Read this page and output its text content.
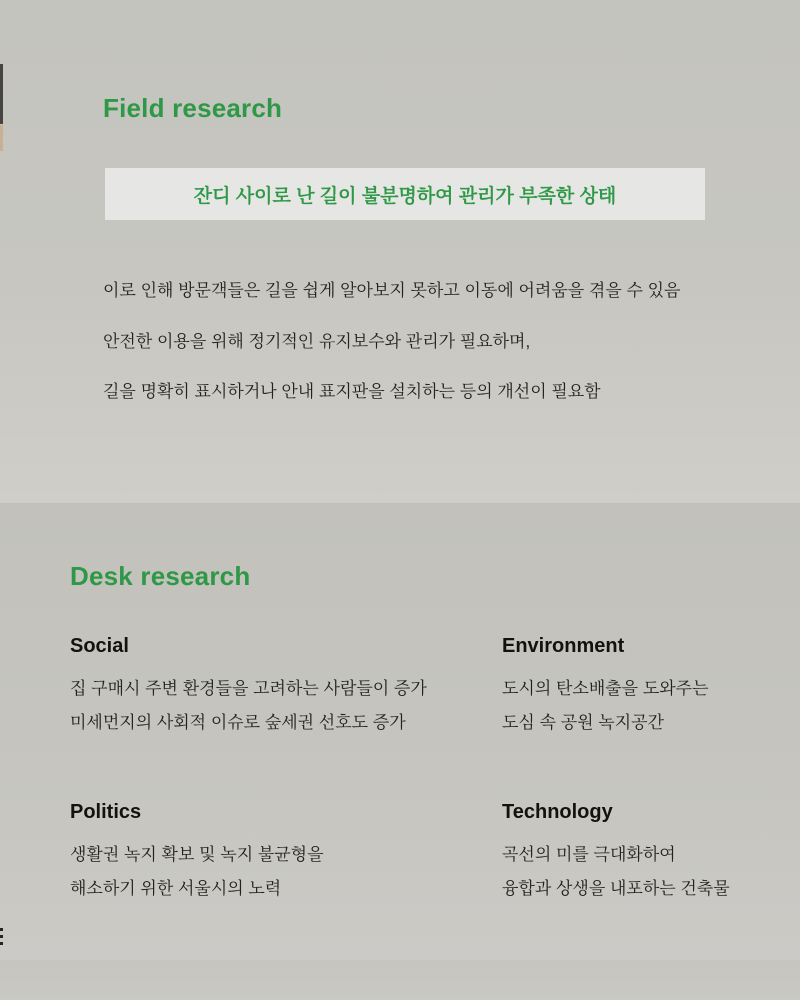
Field research
잔디 사이로 난 길이 불분명하여 관리가 부족한 상태

이로 인해 방문객들은 길을 쉽게 알아보지 못하고 이동에 어려움을 겪을 수 있음

안전한 이용을 위해 정기적인 유지보수와 관리가 필요하며,

길을 명확히 표시하거나 안내 표지판을 설치하는 등의 개선이 필요함

Desk research
Social

집 구매시 주변 환경들을 고려하는 사람들이 증가

미세먼지의 사회적 이슈로 숲세권 선호도 증가

Environment

도시의 탄소배출을 도와주는

도심 속 공원 녹지공간

Politics

생활권 녹지 확보 및 녹지 불균형을

해소하기 위한 서울시의 노력

Technology

곡선의 미를 극대화하여

융합과 상생을 내포하는 건축물
